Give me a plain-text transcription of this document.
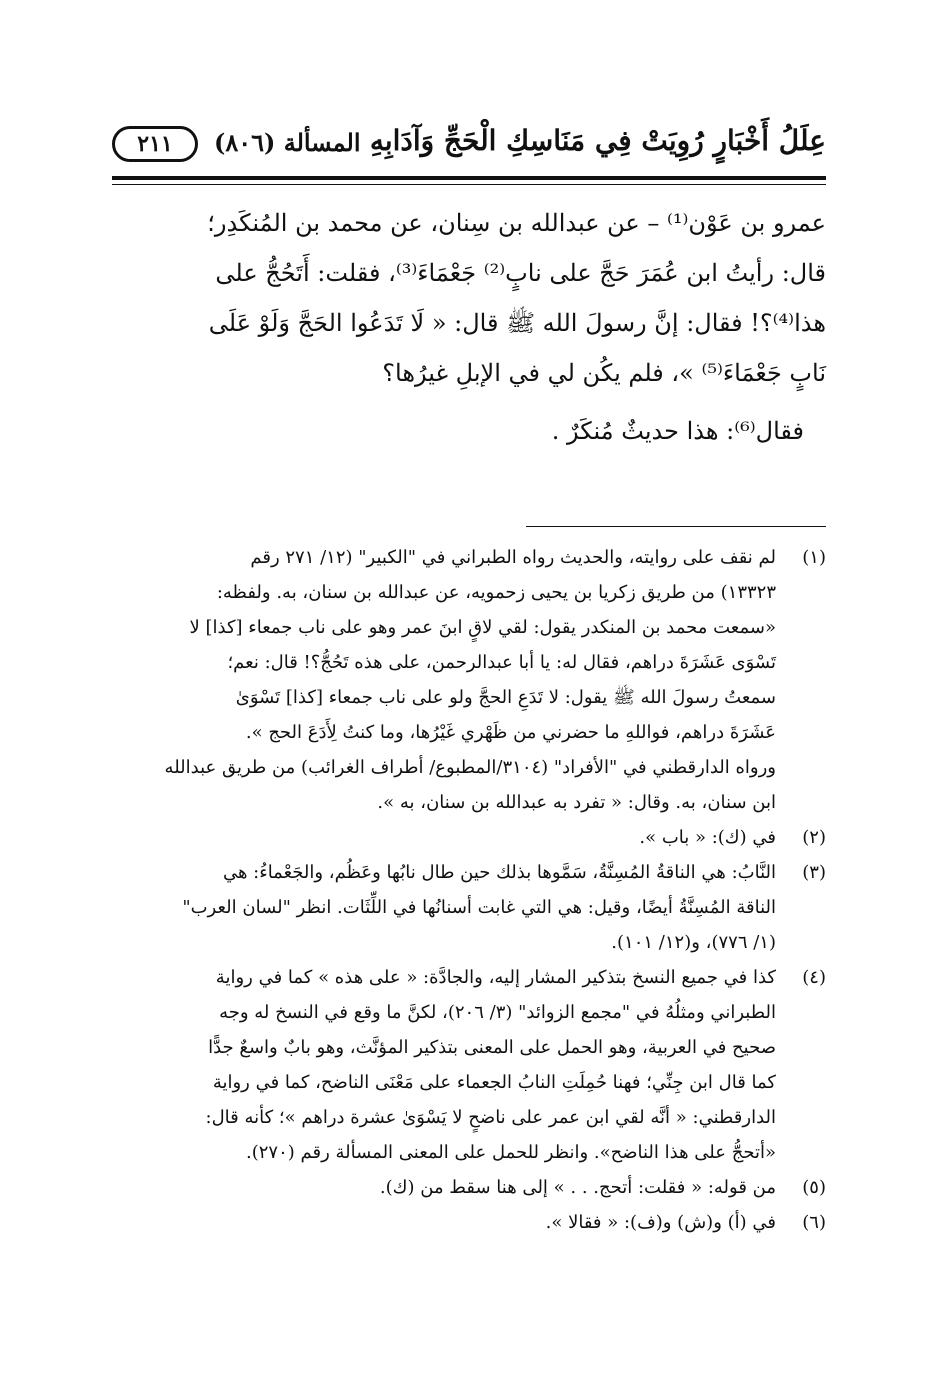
عِلَلُ أَخْبَارٍ رُوِيَتْ فِي مَنَاسِكِ الْحَجِّ وَآدَابِهِ
المسألة (٨٠٦)
٢١١

عمرو بن عَوْن⁽¹⁾ – عن عبدالله بن سِنان، عن محمد بن المُنكَدِر؛

قال: رأيتُ ابن عُمَرَ حَجَّ على نابٍ⁽²⁾ جَعْمَاءَ⁽³⁾، فقلت: أَتَحُجُّ على

هذا⁽⁴⁾؟! فقال: إنَّ رسولَ الله ﷺ قال: « لَا تَدَعُوا الحَجَّ وَلَوْ عَلَى

نَابٍ جَعْمَاءَ⁽⁵⁾ »، فلم يكُن لي في الإبلِ غيرُها؟

فقال⁽⁶⁾: هذا حديثٌ مُنكَرٌ .

(١)
لم نقف على روايته، والحديث رواه الطبراني في "الكبير" (١٢/ ٢٧١ رقم
١٣٣٢٣) من طريق زكريا بن يحيى زحمويه، عن عبدالله بن سنان، به. ولفظه:
«سمعت محمد بن المنكدر يقول: لقي لاقٍ ابنَ عمر وهو على ناب جمعاء [كذا] لا
تَسْوَى عَشَرَةَ دراهم، فقال له: يا أبا عبدالرحمن، على هذه تَحُجُّ؟! قال: نعم؛
سمعتُ رسولَ الله ﷺ يقول: لا تَدَعِ الحجَّ ولو على ناب جمعاء [كذا] تَسْوَىٰ
عَشَرَةَ دراهم، فواللهِ ما حضرني من ظَهْري غَيْرُها، وما كنتُ لِأَدَعَ الحج ».
ورواه الدارقطني في "الأفراد" (٣١٠٤/المطبوع/ أطراف الغرائب) من طريق عبدالله
ابن سنان، به. وقال: « تفرد به عبدالله بن سنان، به ».
(٢)
في (ك): « باب ».
(٣)
النَّابُ: هي الناقةُ المُسِنَّةُ، سَمَّوها بذلك حين طال نابُها وعَظُم، والجَعْماءُ: هي
الناقة المُسِنَّةُ أيضًا، وقيل: هي التي غابت أسنانُها في اللِّثَات. انظر "لسان العرب"
(١/ ٧٧٦)، و(١٢/ ١٠١).
(٤)
كذا في جميع النسخ بتذكير المشار إليه، والجادَّة: « على هذه » كما في رواية
الطبراني ومثلُهُ في "مجمع الزوائد" (٣/ ٢٠٦)، لكنَّ ما وقع في النسخ له وجه
صحيح في العربية، وهو الحمل على المعنى بتذكير المؤنَّث، وهو بابٌ واسعٌ جدًّا
كما قال ابن جِنِّي؛ فهنا حُمِلَتِ النابُ الجعماء على مَعْنَى الناضح، كما في رواية
الدارقطني: « أنَّه لقي ابن عمر على ناضحٍ لا يَسْوَىٰ عشرة دراهم »؛ كأنه قال:
«أتحجُّ على هذا الناضح». وانظر للحمل على المعنى المسألة رقم (٢٧٠).
(٥)
من قوله: « فقلت: أتحج. . . » إلى هنا سقط من (ك).
(٦)
في (أ) و(ش) و(ف): « فقالا ».
